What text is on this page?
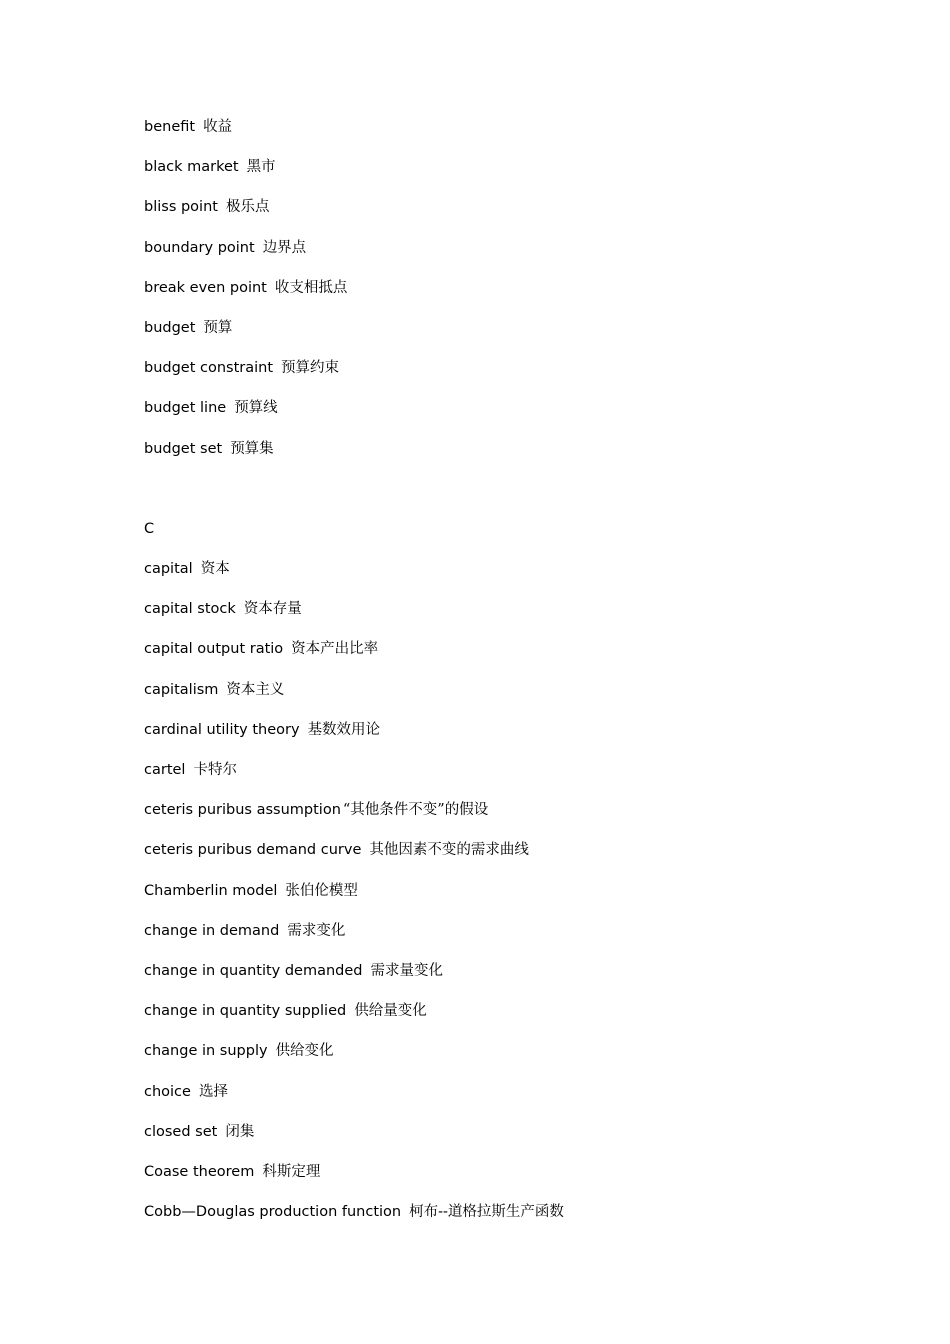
benefit 收益
black market 黑市
bliss point 极乐点
boundary point 边界点
break even point 收支相抵点
budget 预算
budget constraint 预算约束
budget line 预算线
budget set 预算集
C
capital 资本
capital stock 资本存量
capital output ratio 资本产出比率
capitalism 资本主义
cardinal utility theory 基数效用论
cartel 卡特尔
ceteris puribus assumption “其他条件不变”的假设
ceteris puribus demand curve 其他因素不变的需求曲线
Chamberlin model 张伯伦模型
change in demand 需求变化
change in quantity demanded 需求量变化
change in quantity supplied 供给量变化
change in supply 供给变化
choice 选择
closed set 闭集
Coase theorem 科斯定理
Cobb—Douglas production function 柯布--道格拉斯生产函数
